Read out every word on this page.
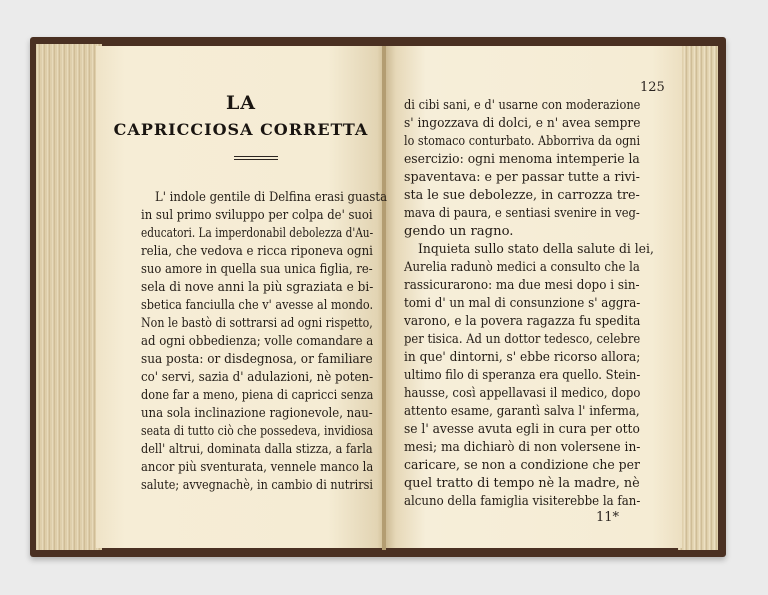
LA
CAPRICCIOSA CORRETTA
L' indole gentile di Delfina erasi guasta
in sul primo sviluppo per colpa de' suoi
educatori. La imperdonabil debolezza d'Au-
relia, che vedova e ricca riponeva ogni
suo amore in quella sua unica figlia, re-
sela di nove anni la più sgraziata e bi-
sbetica fanciulla che v' avesse al mondo.
Non le bastò di sottrarsi ad ogni rispetto,
ad ogni obbedienza; volle comandare a
sua posta: or disdegnosa, or familiare
co' servi, sazia d' adulazioni, nè poten-
done far a meno, piena di capricci senza
una sola inclinazione ragionevole, nau-
seata di tutto ciò che possedeva, invidiosa
dell' altrui, dominata dalla stizza, a farla
ancor più sventurata, vennele manco la
salute; avvegnachè, in cambio di nutrirsi
125
di cibi sani, e d' usarne con moderazione
s' ingozzava di dolci, e n' avea sempre
lo stomaco conturbato. Abborriva da ogni
esercizio: ogni menoma intemperie la
spaventava: e per passar tutte a rivi-
sta le sue debolezze, in carrozza tre-
mava di paura, e sentiasi svenire in veg-
gendo un ragno.
Inquieta sullo stato della salute di lei,
Aurelia radunò medici a consulto che la
rassicurarono: ma due mesi dopo i sin-
tomi d' un mal di consunzione s' aggra-
varono, e la povera ragazza fu spedita
per tisica. Ad un dottor tedesco, celebre
in que' dintorni, s' ebbe ricorso allora;
ultimo filo di speranza era quello. Stein-
hausse, così appellavasi il medico, dopo
attento esame, garantì salva l' inferma,
se l' avesse avuta egli in cura per otto
mesi; ma dichiarò di non volersene in-
caricare, se non a condizione che per
quel tratto di tempo nè la madre, nè
alcuno della famiglia visiterebbe la fan-
11*
